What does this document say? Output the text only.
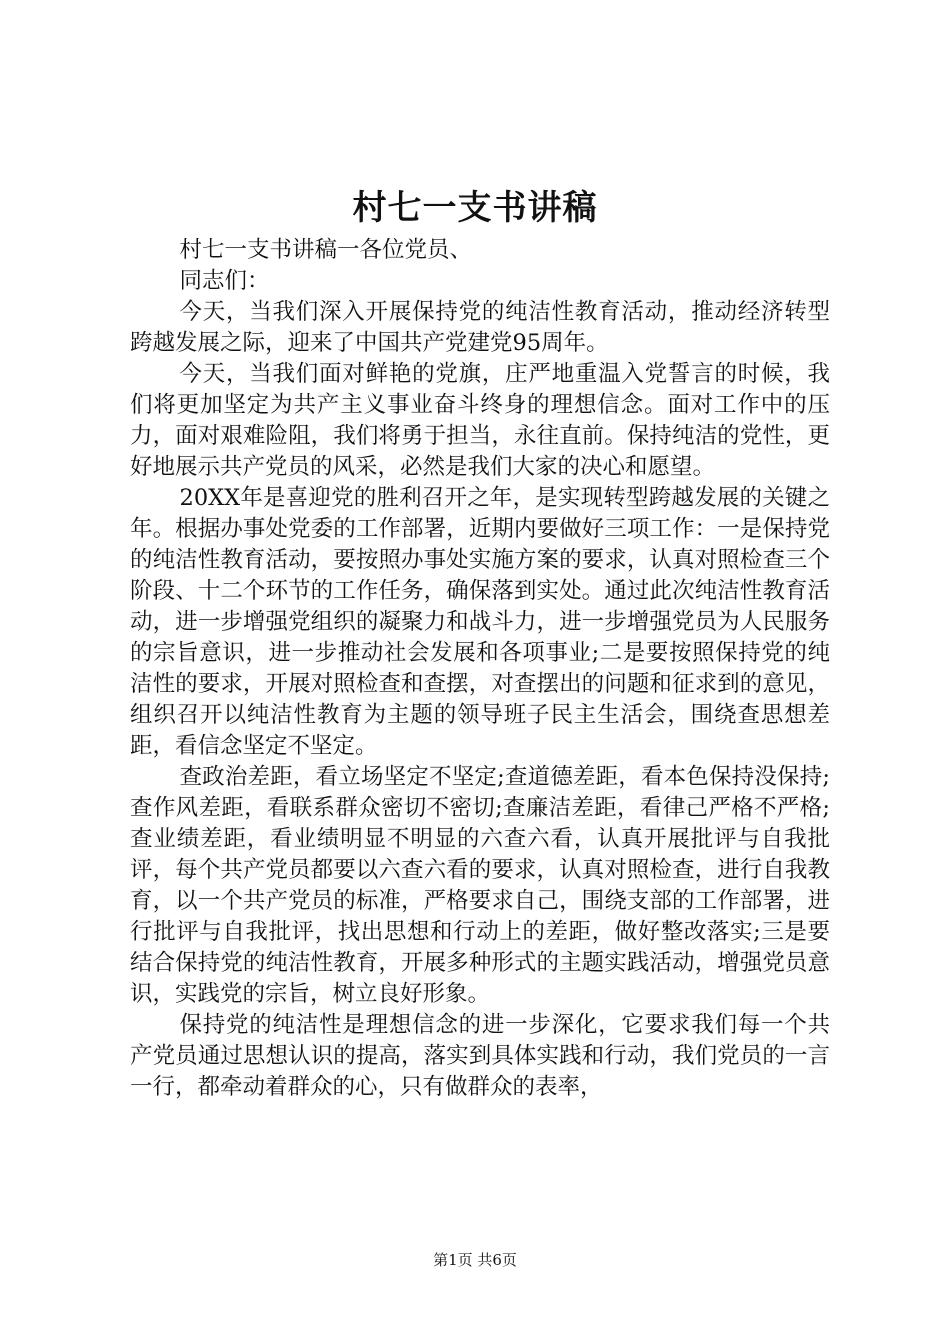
村七一支书讲稿

村七一支书讲稿一各位党员、

同志们：

今天，当我们深入开展保持党的纯洁性教育活动，推动经济转型跨越发展之际，迎来了中国共产党建党95周年。

今天，当我们面对鲜艳的党旗，庄严地重温入党誓言的时候，我们将更加坚定为共产主义事业奋斗终身的理想信念。面对工作中的压力，面对艰难险阻，我们将勇于担当，永往直前。保持纯洁的党性，更好地展示共产党员的风采，必然是我们大家的决心和愿望。

20XX年是喜迎党的胜利召开之年，是实现转型跨越发展的关键之年。根据办事处党委的工作部署，近期内要做好三项工作：一是保持党的纯洁性教育活动，要按照办事处实施方案的要求，认真对照检查三个阶段、十二个环节的工作任务，确保落到实处。通过此次纯洁性教育活动，进一步增强党组织的凝聚力和战斗力，进一步增强党员为人民服务的宗旨意识，进一步推动社会发展和各项事业;二是要按照保持党的纯洁性的要求，开展对照检查和查摆，对查摆出的问题和征求到的意见，组织召开以纯洁性教育为主题的领导班子民主生活会，围绕查思想差距，看信念坚定不坚定。

查政治差距，看立场坚定不坚定;查道德差距，看本色保持没保持;查作风差距，看联系群众密切不密切;查廉洁差距，看律己严格不严格;查业绩差距，看业绩明显不明显的六查六看，认真开展批评与自我批评，每个共产党员都要以六查六看的要求，认真对照检查，进行自我教育，以一个共产党员的标准，严格要求自己，围绕支部的工作部署，进行批评与自我批评，找出思想和行动上的差距，做好整改落实;三是要结合保持党的纯洁性教育，开展多种形式的主题实践活动，增强党员意识，实践党的宗旨，树立良好形象。

保持党的纯洁性是理想信念的进一步深化，它要求我们每一个共产党员通过思想认识的提高，落实到具体实践和行动，我们党员的一言一行，都牵动着群众的心，只有做群众的表率，

第1页 共6页
